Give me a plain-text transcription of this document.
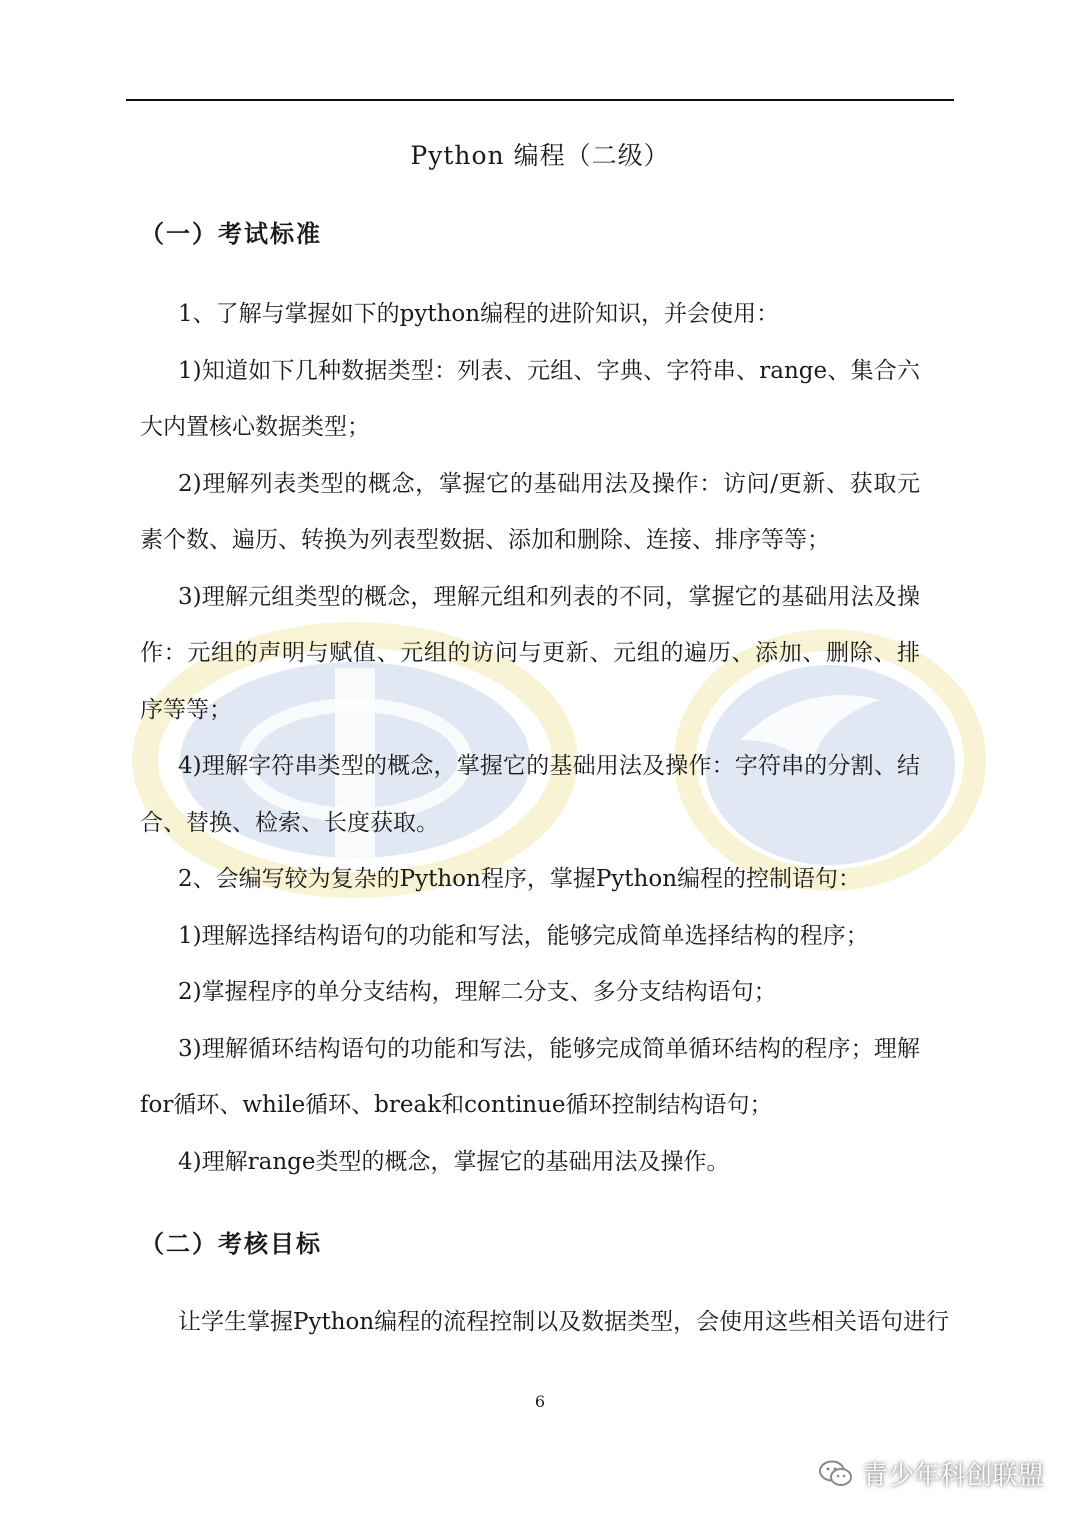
Python 编程（二级）
（一）考试标准

1、了解与掌握如下的python编程的进阶知识，并会使用：

1)知道如下几种数据类型：列表、元组、字典、字符串、range、集合六大内置核心数据类型；

2)理解列表类型的概念，掌握它的基础用法及操作：访问/更新、获取元素个数、遍历、转换为列表型数据、添加和删除、连接、排序等等；

3)理解元组类型的概念，理解元组和列表的不同，掌握它的基础用法及操作：元组的声明与赋值、元组的访问与更新、元组的遍历、添加、删除、排序等等；

4)理解字符串类型的概念，掌握它的基础用法及操作：字符串的分割、结合、替换、检索、长度获取。

2、会编写较为复杂的Python程序，掌握Python编程的控制语句：

1)理解选择结构语句的功能和写法，能够完成简单选择结构的程序；

2)掌握程序的单分支结构，理解二分支、多分支结构语句；

3)理解循环结构语句的功能和写法，能够完成简单循环结构的程序；理解for循环、while循环、break和continue循环控制结构语句；

4)理解range类型的概念，掌握它的基础用法及操作。

（二）考核目标
让学生掌握Python编程的流程控制以及数据类型，会使用这些相关语句进行
6
青少年科创联盟
